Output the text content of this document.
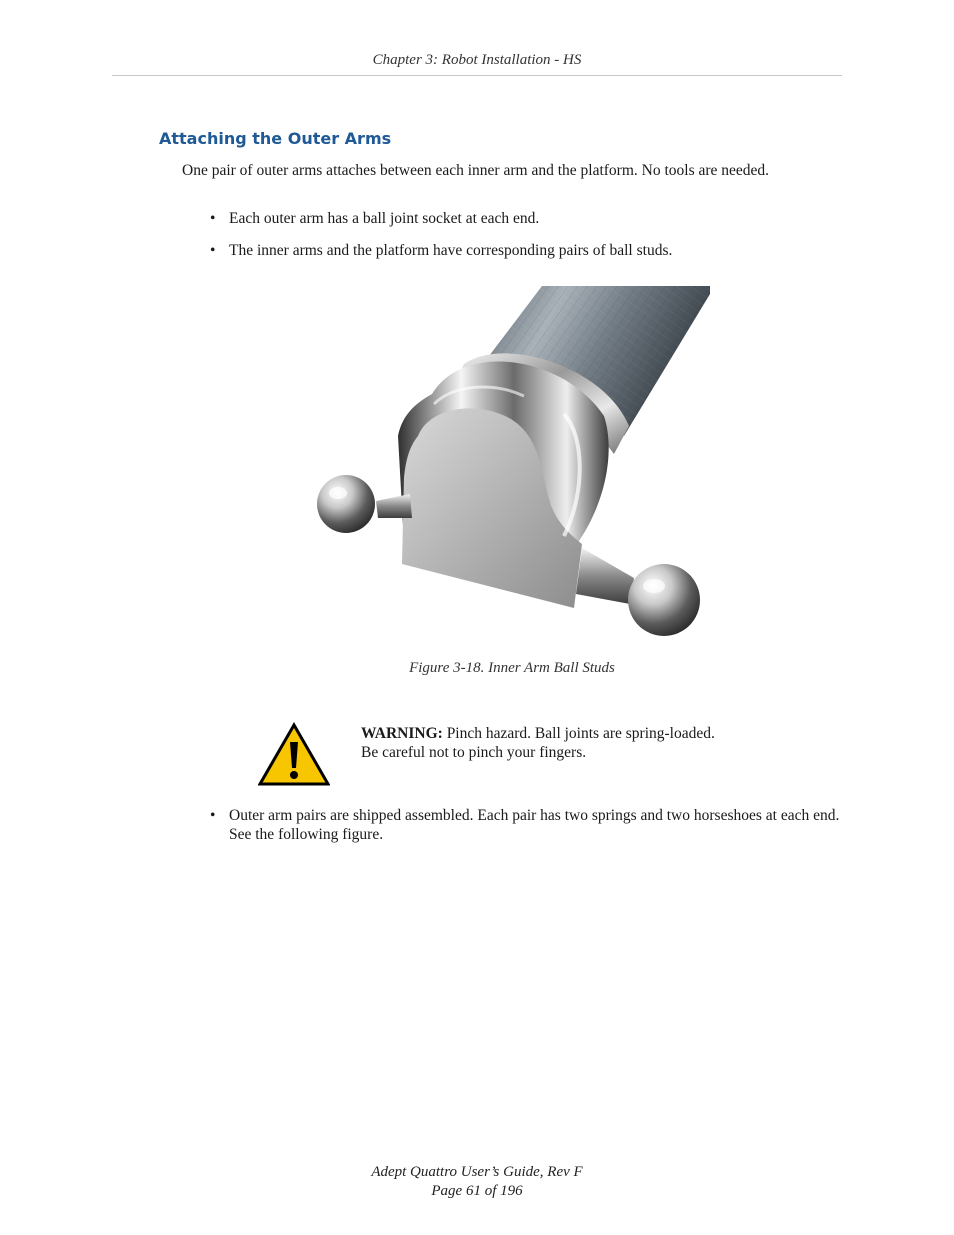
Chapter 3: Robot Installation - HS
Attaching the Outer Arms

One pair of outer arms attaches between each inner arm and the platform. No tools are needed.

• Each outer arm has a ball joint socket at each end.
• The inner arms and the platform have corresponding pairs of ball studs.
Figure 3-18. Inner Arm Ball Studs

WARNING: Pinch hazard. Ball joints are spring-loaded.
Be careful not to pinch your fingers.

• Outer arm pairs are shipped assembled. Each pair has two springs and two horseshoes at each end. See the following figure.
Adept Quattro User’s Guide, Rev F
Page 61 of 196
